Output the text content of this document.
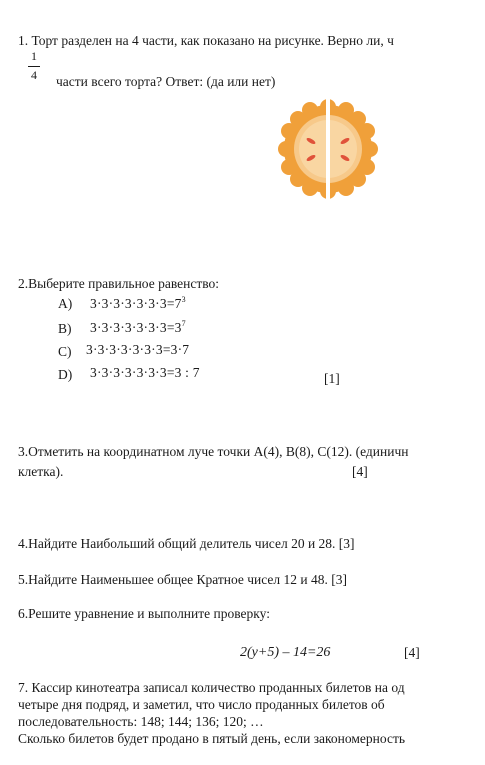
1. Торт разделен на 4 части, как показано на рисунке. Верно ли, ч
1
4 части всего торта? Ответ: (да или нет)
2.Выберите правильное равенство:
A) $3\cdot 3\cdot 3\cdot 3\cdot 3\cdot 3\cdot 3=7^3$
B) $3\cdot 3\cdot 3\cdot 3\cdot 3\cdot 3\cdot 3=3^7$
C) 3·3·3·3·3·3·3=3·7
D) 3·3·3·3·3·3·3=3 : 7	[1]
3.Отметить на координатном луче точки A(4), B(8), C(12). (единичн
клетка).	[4]
4.Найдите Наибольший общий делитель чисел 20 и 28. [3]
5.Найдите Наименьшее общее Кратное чисел 12 и 48. [3]
6.Решите уравнение и выполните проверку:
2(y+5) – 14=26	[4]
7. Кассир кинотеатра записал количество проданных билетов на од
четыре дня подряд, и заметил, что число проданных билетов об
последовательность: 148; 144; 136; 120; …
Сколько билетов будет продано в пятый день, если закономерность
